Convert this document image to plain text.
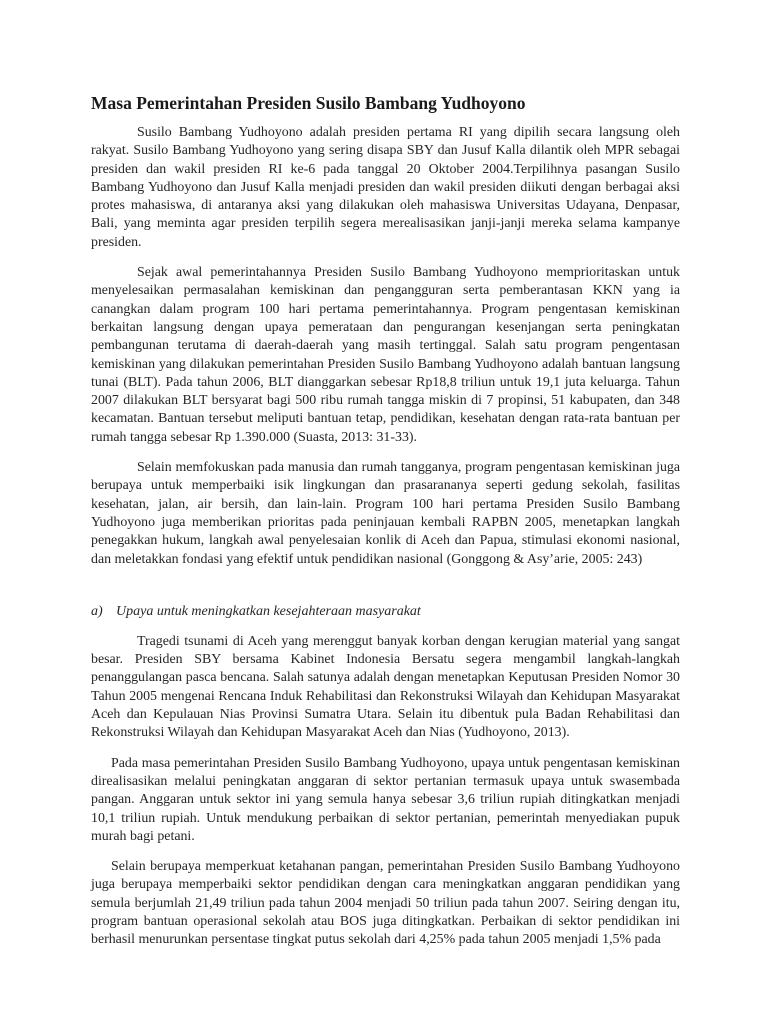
Masa Pemerintahan Presiden Susilo Bambang Yudhoyono

Susilo Bambang Yudhoyono adalah presiden pertama RI yang dipilih secara langsung oleh rakyat. Susilo Bambang Yudhoyono yang sering disapa SBY dan Jusuf Kalla dilantik oleh MPR sebagai presiden dan wakil presiden RI ke-6 pada tanggal 20 Oktober 2004.Terpilihnya pasangan Susilo Bambang Yudhoyono dan Jusuf Kalla menjadi presiden dan wakil presiden diikuti dengan berbagai aksi protes mahasiswa, di antaranya aksi yang dilakukan oleh mahasiswa Universitas Udayana, Denpasar, Bali, yang meminta agar presiden terpilih segera merealisasikan janji-janji mereka selama kampanye presiden.

Sejak awal pemerintahannya Presiden Susilo Bambang Yudhoyono memprioritaskan untuk menyelesaikan permasalahan kemiskinan dan pengangguran serta pemberantasan KKN yang ia canangkan dalam program 100 hari pertama pemerintahannya. Program pengentasan kemiskinan berkaitan langsung dengan upaya pemerataan dan pengurangan kesenjangan serta peningkatan pembangunan terutama di daerah-daerah yang masih tertinggal. Salah satu program pengentasan kemiskinan yang dilakukan pemerintahan Presiden Susilo Bambang Yudhoyono adalah bantuan langsung tunai (BLT). Pada tahun 2006, BLT dianggarkan sebesar Rp18,8 triliun untuk 19,1 juta keluarga. Tahun 2007 dilakukan BLT bersyarat bagi 500 ribu rumah tangga miskin di 7 propinsi, 51 kabupaten, dan 348 kecamatan. Bantuan tersebut meliputi bantuan tetap, pendidikan, kesehatan dengan rata-rata bantuan per rumah tangga sebesar Rp 1.390.000 (Suasta, 2013: 31-33).

Selain memfokuskan pada manusia dan rumah tangganya, program pengentasan kemiskinan juga berupaya untuk memperbaiki isik lingkungan dan prasarananya seperti gedung sekolah, fasilitas kesehatan, jalan, air bersih, dan lain-lain. Program 100 hari pertama Presiden Susilo Bambang Yudhoyono juga memberikan prioritas pada peninjauan kembali RAPBN 2005, menetapkan langkah penegakkan hukum, langkah awal penyelesaian konlik di Aceh dan Papua, stimulasi ekonomi nasional, dan meletakkan fondasi yang efektif untuk pendidikan nasional (Gonggong & Asy’arie, 2005: 243)

a) Upaya untuk meningkatkan kesejahteraan masyarakat

Tragedi tsunami di Aceh yang merenggut banyak korban dengan kerugian material yang sangat besar. Presiden SBY bersama Kabinet Indonesia Bersatu segera mengambil langkah-langkah penanggulangan pasca bencana. Salah satunya adalah dengan menetapkan Keputusan Presiden Nomor 30 Tahun 2005 mengenai Rencana Induk Rehabilitasi dan Rekonstruksi Wilayah dan Kehidupan Masyarakat Aceh dan Kepulauan Nias Provinsi Sumatra Utara. Selain itu dibentuk pula Badan Rehabilitasi dan Rekonstruksi Wilayah dan Kehidupan Masyarakat Aceh dan Nias (Yudhoyono, 2013).

Pada masa pemerintahan Presiden Susilo Bambang Yudhoyono, upaya untuk pengentasan kemiskinan direalisasikan melalui peningkatan anggaran di sektor pertanian termasuk upaya untuk swasembada pangan. Anggaran untuk sektor ini yang semula hanya sebesar 3,6 triliun rupiah ditingkatkan menjadi 10,1 triliun rupiah. Untuk mendukung perbaikan di sektor pertanian, pemerintah menyediakan pupuk murah bagi petani.

Selain berupaya memperkuat ketahanan pangan, pemerintahan Presiden Susilo Bambang Yudhoyono juga berupaya memperbaiki sektor pendidikan dengan cara meningkatkan anggaran pendidikan yang semula berjumlah 21,49 triliun pada tahun 2004 menjadi 50 triliun pada tahun 2007. Seiring dengan itu, program bantuan operasional sekolah atau BOS juga ditingkatkan. Perbaikan di sektor pendidikan ini berhasil menurunkan persentase tingkat putus sekolah dari 4,25% pada tahun 2005 menjadi 1,5% pada
